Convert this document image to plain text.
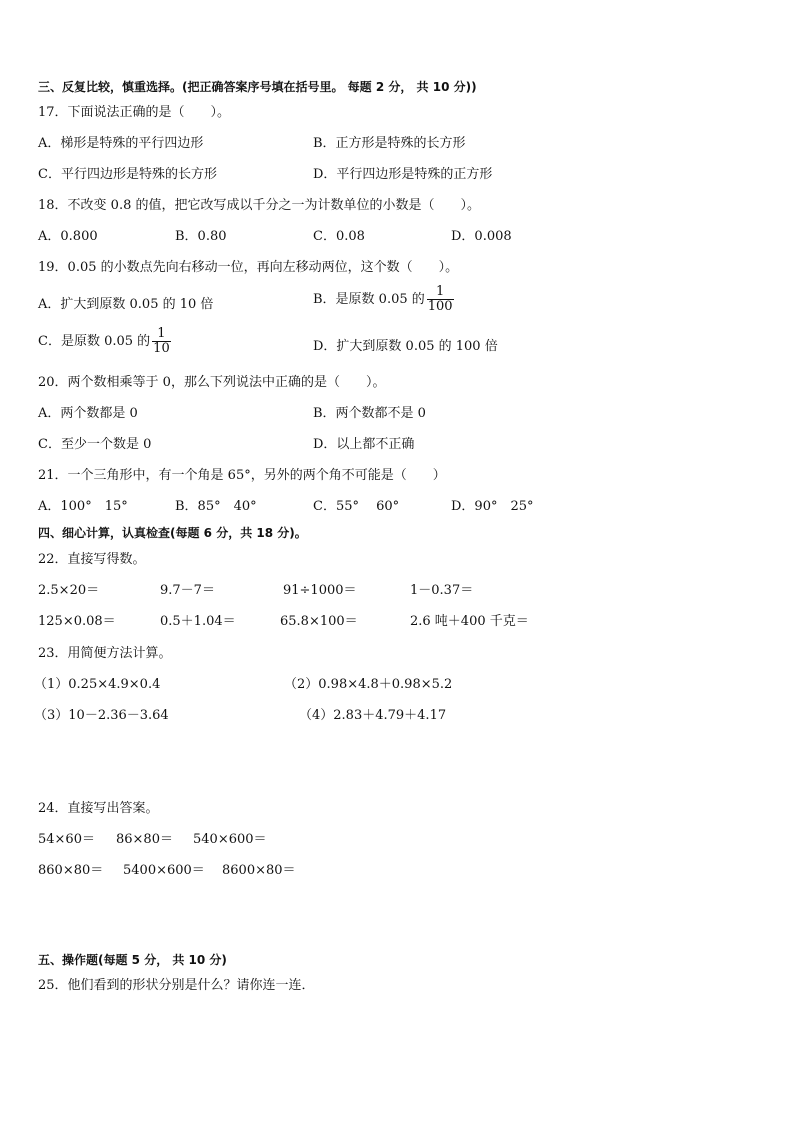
三、反复比较，慎重选择。(把正确答案序号填在括号里。 每题 2 分， 共 10 分))
17．下面说法正确的是（　　）。
A．梯形是特殊的平行四边形	B．正方形是特殊的长方形
C．平行四边形是特殊的长方形	D．平行四边形是特殊的正方形
18．不改变 0.8 的值，把它改写成以千分之一为计数单位的小数是（　　）。
A．0.800	B．0.80	C．0.08	D．0.008
19．0.05 的小数点先向右移动一位，再向左移动两位，这个数（　　）。
A．扩大到原数 0.05 的 10 倍	B．是原数 0.05 的 $\frac{1}{100}$
C．是原数 0.05 的 $\frac{1}{10}$	D．扩大到原数 0.05 的 100 倍
20．两个数相乘等于 0，那么下列说法中正确的是（　　）。
A．两个数都是 0	B．两个数都不是 0
C．至少一个数是 0	D．以上都不正确
21．一个三角形中，有一个角是 65°，另外的两个角不可能是（　　）
A．100°　15°	B．85°　40°	C．55°　 60°	D．90°　25°
四、细心计算，认真检查(每题 6 分，共 18 分)。
22．直接写得数。
2.5×20＝	9.7－7＝	91÷1000＝	1－0.37＝
125×0.08＝	0.5＋1.04＝	65.8×100＝	2.6 吨＋400 千克＝
23．用简便方法计算。
（1）0.25×4.9×0.4	（2）0.98×4.8＋0.98×5.2
（3）10－2.36－3.64	（4）2.83＋4.79＋4.17
24．直接写出答案。
54×60＝ 86×80＝ 540×600＝
860×80＝ 5400×600＝ 8600×80＝
五、操作题(每题 5 分， 共 10 分)
25．他们看到的形状分别是什么？请你连一连．
